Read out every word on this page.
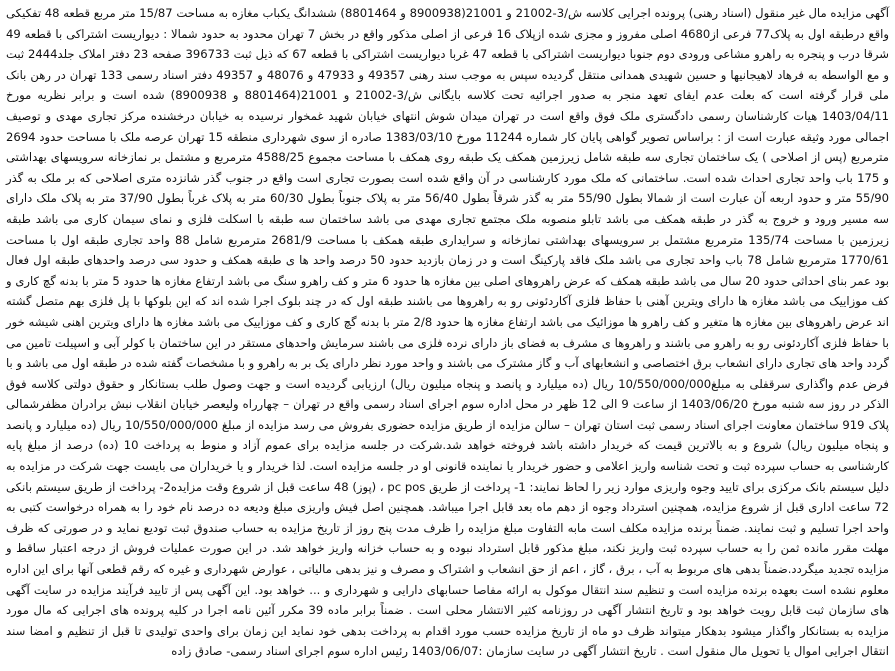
آگهی مزایده مال غیر منقول (اسناد رهنی) پرونده اجرایی کلاسه ش/3-21002 و 21001(8900938 و 8801464) ششدانگ یکباب مغازه به مساحت 15/87 متر مربع قطعه 48 تفکیکی واقع درطبقه اول به پلاک77 فرعی از4680 اصلی مفروز و مجزی شده ازپلاک 16 فرعی از اصلی مذکور واقع در بخش 7 تهران محدود به حدود شمالا : دیواریست اشتراکی با قطعه 49 شرقا درب و پنجره به راهرو مشاعی ورودی دوم جنوبا دیواریست اشتراکی با قطعه 47 غربا دیواریست اشتراکی با قطعه 67 که ذیل ثبت 396733 صفحه 23 دفتر املاک جلد2444 ثبت و مع الواسطه به فرهاد لاهیجانیها و حسین شهیدی همدانی منتقل گردیده سپس به موجب سند رهنی 49357 و 47933 و 48076 و 49357 دفتر اسناد رسمی 133 تهران در رهن بانک ملی قرار گرفته است که بعلت عدم ایفای تعهد منجر به صدور اجرائیه تحت کلاسه بایگانی ش/3-21002 و 21001(8801464 و 8900938) شده است و برابر نظریه مورخ 1403/04/11 هیات کارشناسان رسمی دادگستری ملک فوق واقع است در تهران میدان شوش انتهای خیابان شهید غمخوار نرسیده به خیابان درخشنده مرکز تجاری مهدی و توصیف اجمالی مورد وثیقه عبارت است از : براساس تصویر گواهی پایان کار شماره 11244 مورخ 1383/03/10 صادره از سوی شهرداری منطقه 15 تهران عرصه ملک با مساحت حدود 2694 مترمربع (پس از اصلاحی ) یک ساختمان تجاری سه طبقه شامل زیرزمین همکف یک طبقه روی همکف با مساحت مجموع 4588/25 مترمربع و مشتمل بر نمازخانه سرویسهای بهداشتی و 175 باب واحد تجاری احداث شده است. ساختمانی که ملک مورد کارشناسی در آن واقع شده است بصورت تجاری است واقع در جنوب گذر شانزده متری اصلاحی که بر ملک به گذر 55/90 متر و حدود اربعه آن عبارت است از شمالا بطول 55/90 متر به گذر شرقاً بطول 56/40 متر به پلاک جنوباً بطول 60/30 متر به پلاک غرباً بطول 37/90 متر به پلاک ملک دارای سه مسیر ورود و خروج به گذر در طبقه همکف می باشد تابلو منصوبه ملک مجتمع تجاری مهدی می باشد ساختمان سه طبقه با اسکلت فلزی و نمای سیمان کاری می باشد طبقه زیرزمین با مساحت 135/74 مترمربع مشتمل بر سرویسهای بهداشتی نمازخانه و سرایداری طبقه همکف با مساحت 2681/9 مترمربع شامل 88 واحد تجاری طبقه اول با مساحت 1770/61 مترمربع شامل 78 باب واحد تجاری می باشد ملک فاقد پارکینگ است و در زمان بازدید حدود 50 درصد واحد ها ی طبقه همکف و حدود سی درصد واحدهای طبقه اول فعال بود عمر بنای احداثی حدود 20 سال می باشد طبقه همکف که عرض راهروهای اصلی بین مغازه ها حدود 6 متر و کف راهرو سنگ می باشد ارتفاع مغازه ها حدود 5 متر با بدنه گچ کاری و کف موزاییک می باشد مغازه ها دارای ویترین آهنی با حفاظ فلزی آکاردئونی رو به راهروها می باشند طبقه اول که در چند بلوک اجرا شده اند که این بلوکها با پل فلزی بهم متصل گشته اند عرض راهروهای بین مغازه ها متغیر و کف راهرو ها موزائیک می باشد ارتفاع مغازه ها حدود 2/8 متر با بدنه گچ کاری و کف موزاییک می باشد مغازه ها دارای ویترین اهنی شیشه خور با حفاظ فلزی آکاردئونی رو به راهرو می باشند و راهروها ی مشرف به فضای باز دارای نرده فلزی می باشند سرمایش واحدهای مستقر در این ساختمان با کولر آبی و اسپیلت تامین می گردد واحد های تجاری دارای انشعاب برق اختصاصی و انشعابهای آب و گاز مشترک می باشند و واحد مورد نظر دارای یک بر به راهرو و با مشخصات گفته شده در طبقه اول می باشد و با فرض عدم واگذاری سرقفلی به مبلغ10/550/000/000 ریال (ده میلیارد و پانصد و پنجاه میلیون ریال) ارزیابی گردیده است و جهت وصول طلب بستانکار و حقوق دولتی کلاسه فوق الذکر در روز سه شنبه مورخ 1403/06/20 از ساعت 9 الی 12 ظهر در محل اداره سوم اجرای اسناد رسمی واقع در تهران – چهارراه ولیعصر خیابان انقلاب نبش برادران مظفرشمالی پلاک 919 ساختمان معاونت اجرای اسناد رسمی ثبت استان تهران – سالن مزایده از طریق مزایده حضوری بفروش می رسد مزایده از مبلغ 10/550/000/000 ریال (ده میلیارد و پانصد و پنجاه میلیون ریال) شروع و به بالاترین قیمت که خریدار داشته باشد فروخته خواهد شد.شرکت در جلسه مزایده برای عموم آزاد و منوط به پرداخت 10 (ده) درصد از مبلغ پایه کارشناسی به حساب سپرده ثبت و تحت شناسه واریز اعلامی و حضور خریدار یا نماینده قانونی او در جلسه مزایده است. لذا خریدار و یا خریداران می بایست جهت شرکت در مزایده به دلیل سیستم بانک مرکزی برای تایید وجوه واریزی موارد زیر را لحاظ نمایند: 1- پرداخت از طریق pc pos ، (پوز) 48 ساعت قبل از شروع وقت مزایده2- پرداخت از طریق سیستم بانکی 72 ساعت اداری قبل از شروع مزایده، همچنین استرداد وجوه از دهم ماه بعد قابل اجرا میباشد. همچنین اصل فیش واریزی مبلغ ودیعه ده درصد نام خود را به همراه درخواست کتبی به واحد اجرا تسلیم و ثبت نمایند. ضمناً برنده مزایده مکلف است مابه التفاوت مبلغ مزایده را ظرف مدت پنج روز از تاریخ مزایده به حساب صندوق ثبت تودیع نماید و در صورتی که ظرف مهلت مقرر مانده ثمن را به حساب سپرده ثبت واریز نکند، مبلغ مذکور قابل استرداد نبوده و به حساب خزانه واریز خواهد شد. در این صورت عملیات فروش از درجه اعتبار ساقط و مزایده تجدید میگردد.ضمناً بدهی های مربوط به آب ، برق ، گاز ، اعم از حق انشعاب و اشتراک و مصرف و نیز بدهی مالیاتی ، عوارض شهرداری و غیره که رقم قطعی آنها برای این اداره معلوم نشده است بعهده برنده مزایده است و تنظیم سند انتقال موکول به ارائه مفاصا حسابهای دارایی و شهرداری و ... خواهد بود. این آگهی پس از تایید فرآیند مزایده در سایت آگهی های سازمان ثبت قابل رویت خواهد بود و تاریخ انتشار آگهی در روزنامه کثیر الانتشار محلی است . ضمناً برابر ماده 39 مکرر آئین نامه اجرا در کلیه پرونده های اجرایی که مال مورد مزایده به بستانکار واگذار میشود بدهکار میتواند ظرف دو ماه از تاریخ مزایده حسب مورد اقدام به پرداخت بدهی خود نماید این زمان برای واحدی تولیدی تا قبل از تنظیم و امضا سند انتقال اجرایی اموال یا تحویل مال منقول است . تاریخ انتشار آگهی در سایت سازمان :1403/06/07 رئیس اداره سوم اجرای اسناد رسمی- صادق زاده
